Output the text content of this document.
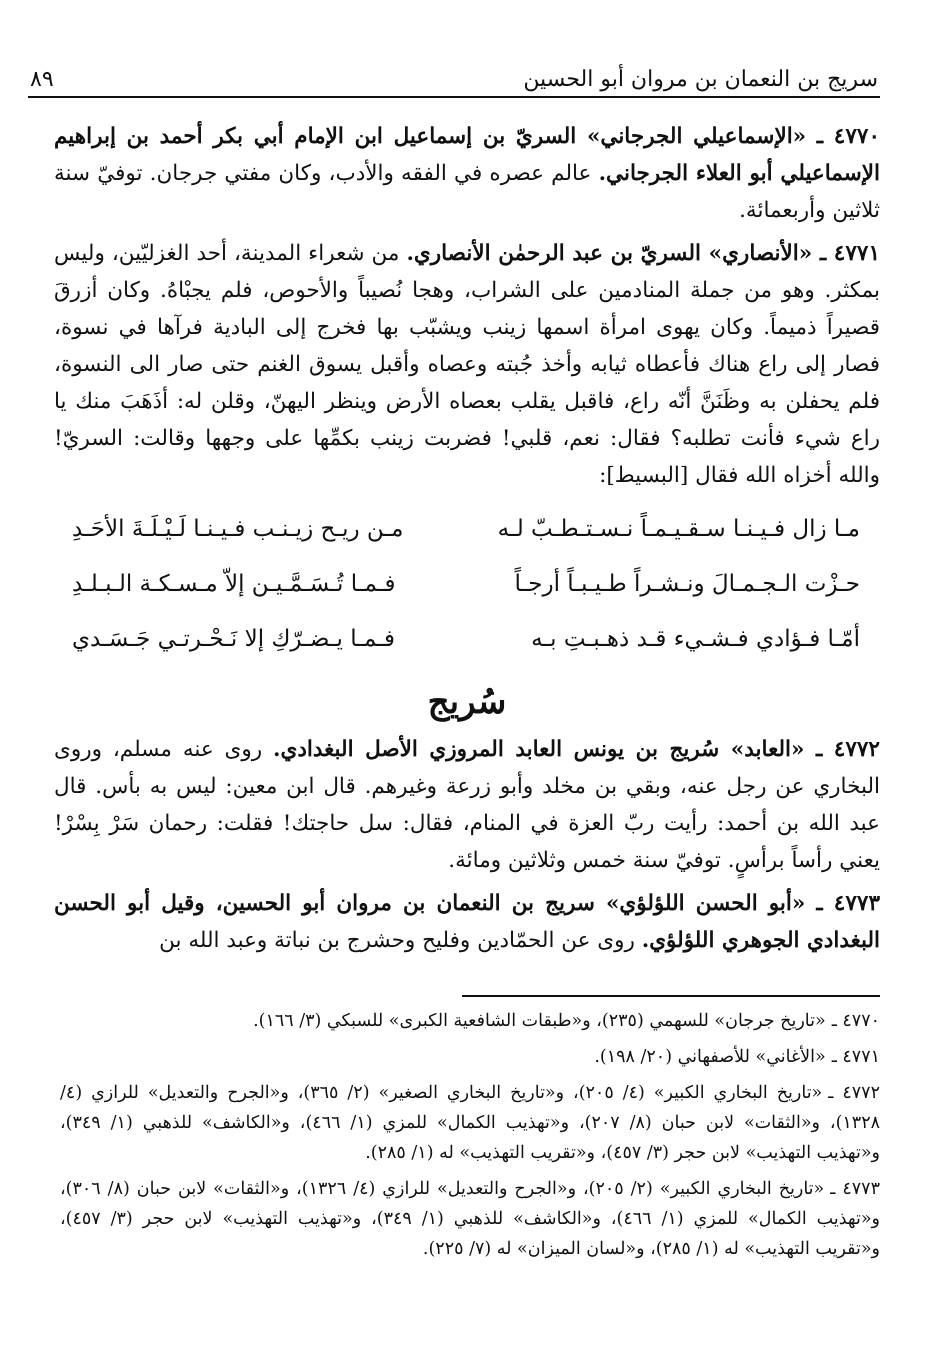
سريج بن النعمان بن مروان أبو الحسين
٨٩

٤٧٧٠ ـ «الإسماعيلي الجرجاني» السريّ بن إسماعيل ابن الإمام أبي بكر أحمد بن إبراهيم الإسماعيلي أبو العلاء الجرجاني. عالم عصره في الفقه والأدب، وكان مفتي جرجان. توفيّ سنة ثلاثين وأربعمائة.

٤٧٧١ ـ «الأنصاري» السريّ بن عبد الرحمٰن الأنصاري. من شعراء المدينة، أحد الغزليّين، وليس بمكثر. وهو من جملة المنادمين على الشراب، وهجا نُصيباً والأحوص، فلم يجبْاهُ. وكان أزرقَ قصيراً ذميماً. وكان يهوى امرأة اسمها زينب ويشبّب بها فخرج إلى البادية فرآها في نسوة، فصار إلى راع هناك فأعطاه ثيابه وأخذ جُبته وعصاه وأقبل يسوق الغنم حتى صار الى النسوة، فلم يحفلن به وظَنَنَّ أنّه راع، فاقبل يقلب بعصاه الأرض وينظر اليهنّ، وقلن له: أذَهَبَ منك يا راع شيء فأنت تطلبه؟ فقال: نعم، قلبي! فضربت زينب بكمِّها على وجهها وقالت: السريّ! والله أخزاه الله فقال [البسيط]:

مـا زال فـيـنـا سـقـيـمـاً نـسـتـطـبّ لـه
مـن ريـح زيـنـب فـيـنـا لَـيْـلَـةَ الأحَـدِ
حـزْت الـجـمـالَ ونـشـراً طـيـبـاً أرجـاً
فـمـا تُـسَـمَّـيـن إلاّ مـسـكـة الـبـلـدِ
أمّـا فـؤادي فـشـيء قـد ذهـبـتِ بـه
فـمـا يـضـرّكِ إلا نَـحْـرتـي جَـسَـدي
سُريج

٤٧٧٢ ـ «العابد» سُريج بن يونس العابد المروزي الأصل البغدادي. روى عنه مسلم، وروى البخاري عن رجل عنه، وبقي بن مخلد وأبو زرعة وغيرهم. قال ابن معين: ليس به بأس. قال عبد الله بن أحمد: رأيت ربّ العزة في المنام، فقال: سل حاجتك! فقلت: رحمان سَرْ بِسْرْ! يعني رأساً برأسٍ. توفيّ سنة خمس وثلاثين ومائة.

٤٧٧٣ ـ «أبو الحسن اللؤلؤي» سريج بن النعمان بن مروان أبو الحسين، وقيل أبو الحسن البغدادي الجوهري اللؤلؤي. روى عن الحمّادين وفليح وحشرج بن نباتة وعبد الله بن

٤٧٧٠ ـ«تاريخ جرجان» للسهمي (٢٣٥)، و«طبقات الشافعية الكبرى» للسبكي (٣/ ١٦٦).
٤٧٧١ ـ«الأغاني» للأصفهاني (٢٠/ ١٩٨).
٤٧٧٢ ـ«تاريخ البخاري الكبير» (٤/ ٢٠٥)، و«تاريخ البخاري الصغير» (٢/ ٣٦٥)، و«الجرح والتعديل» للرازي (٤/ ١٣٢٨)، و«الثقات» لابن حبان (٨/ ٢٠٧)، و«تهذيب الكمال» للمزي (١/ ٤٦٦)، و«الكاشف» للذهبي (١/ ٣٤٩)، و«تهذيب التهذيب» لابن حجر (٣/ ٤٥٧)، و«تقريب التهذيب» له (١/ ٢٨٥).
٤٧٧٣ ـ«تاريخ البخاري الكبير» (٢/ ٢٠٥)، و«الجرح والتعديل» للرازي (٤/ ١٣٢٦)، و«الثقات» لابن حبان (٨/ ٣٠٦)، و«تهذيب الكمال» للمزي (١/ ٤٦٦)، و«الكاشف» للذهبي (١/ ٣٤٩)، و«تهذيب التهذيب» لابن حجر (٣/ ٤٥٧)، و«تقريب التهذيب» له (١/ ٢٨٥)، و«لسان الميزان» له (٧/ ٢٢٥).
